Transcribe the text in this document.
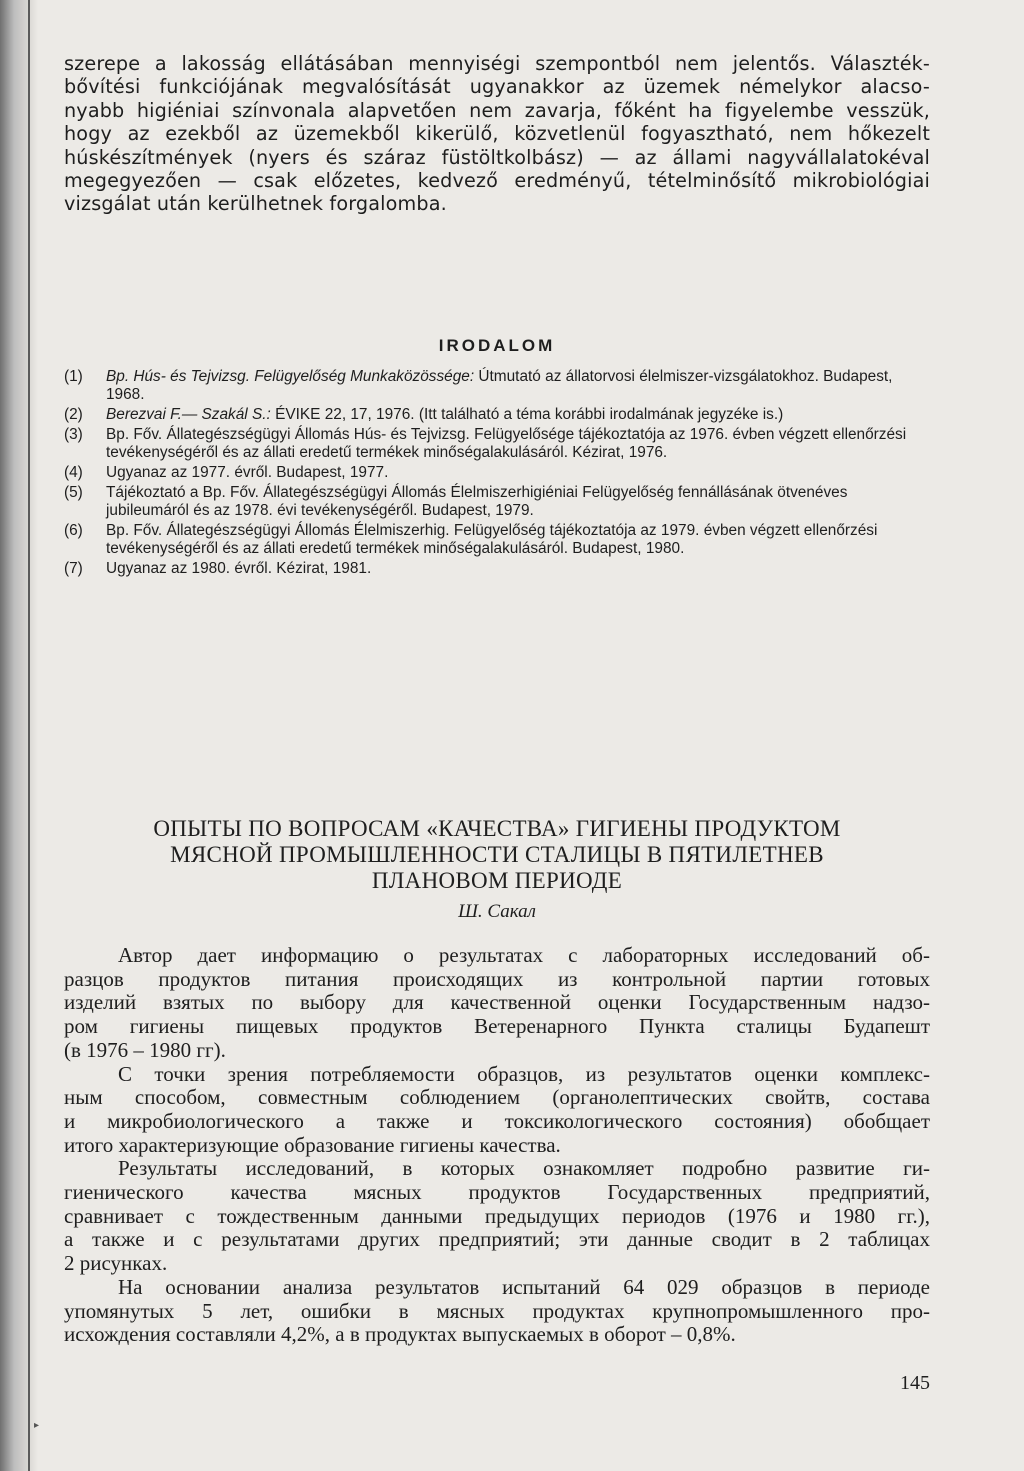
szerepe a lakosság ellátásában mennyiségi szempontból nem jelentős. Választék-
bővítési funkciójának megvalósítását ugyanakkor az üzemek némelykor alacso-
nyabb higiéniai színvonala alapvetően nem zavarja, főként ha figyelembe vesszük,
hogy az ezekből az üzemekből kikerülő, közvetlenül fogyasztható, nem hőkezelt
húskészítmények (nyers és száraz füstöltkolbász) — az állami nagyvállalatokéval
megegyezően — csak előzetes, kedvező eredményű, tételminősítő mikrobiológiai
vizsgálat után kerülhetnek forgalomba.
IRODALOM
(1) Bp. Hús- és Tejvizsg. Felügyelőség Munkaközössége: Útmutató az állatorvosi élelmiszer-vizsgálatokhoz. Budapest, 1968.
(2) Berezvai F.— Szakál S.: ÉVIKE 22, 17, 1976. (Itt található a téma korábbi irodalmának jegyzéke is.)
(3) Bp. Főv. Állategészségügyi Állomás Hús- és Tejvizsg. Felügyelősége tájékoztatója az 1976. évben végzett ellenőrzési tevékenységéről és az állati eredetű termékek minőségalakulásáról. Kézirat, 1976.
(4) Ugyanaz az 1977. évről. Budapest, 1977.
(5) Tájékoztató a Bp. Főv. Állategészségügyi Állomás Élelmiszerhigiéniai Felügyelőség fennállásának ötvenéves jubileumáról és az 1978. évi tevékenységéről. Budapest, 1979.
(6) Bp. Főv. Állategészségügyi Állomás Élelmiszerhig. Felügyelőség tájékoztatója az 1979. évben végzett ellenőrzési tevékenységéről és az állati eredetű termékek minőségalakulásáról. Budapest, 1980.
(7) Ugyanaz az 1980. évről. Kézirat, 1981.
ОПЫТЫ ПО ВОПРОСАМ «КАЧЕСТВА» ГИГИЕНЫ ПРОДУКТОМ
МЯСНОЙ ПРОМЫШЛЕННОСТИ СТАЛИЦЫ В ПЯТИЛЕТНЕВ
ПЛАНОВОМ ПЕРИОДЕ

Ш. Сакал

Автор дает информацию о результатах с лабораторных исследований об-
разцов продуктов питания происходящих из контрольной партии готовых
изделий взятых по выбору для качественной оценки Государственным надзо-
ром гигиены пищевых продуктов Ветеренарного Пункта сталицы Будапешт
(в 1976 – 1980 гг).

С точки зрения потребляемости образцов, из результатов оценки комплекс-
ным способом, совместным соблюдением (органолептических свойтв, состава
и микробиологического а также и токсикологического состояния) обобщает
итого характеризующие образование гигиены качества.

Результаты исследований, в которых ознакомляет подробно развитие ги-
гиенического качества мясных продуктов Государственных предприятий,
сравнивает с тождественным данными предыдущих периодов (1976 и 1980 гг.),
а также и с результатами других предприятий; эти данные сводит в 2 таблицах
2 рисунках.

На основании анализа результатов испытаний 64 029 образцов в периоде
упомянутых 5 лет, ошибки в мясных продуктах крупнопромышленного про-
исхождения составляли 4,2%, а в продуктах выпускаемых в оборот – 0,8%.

145

▸
